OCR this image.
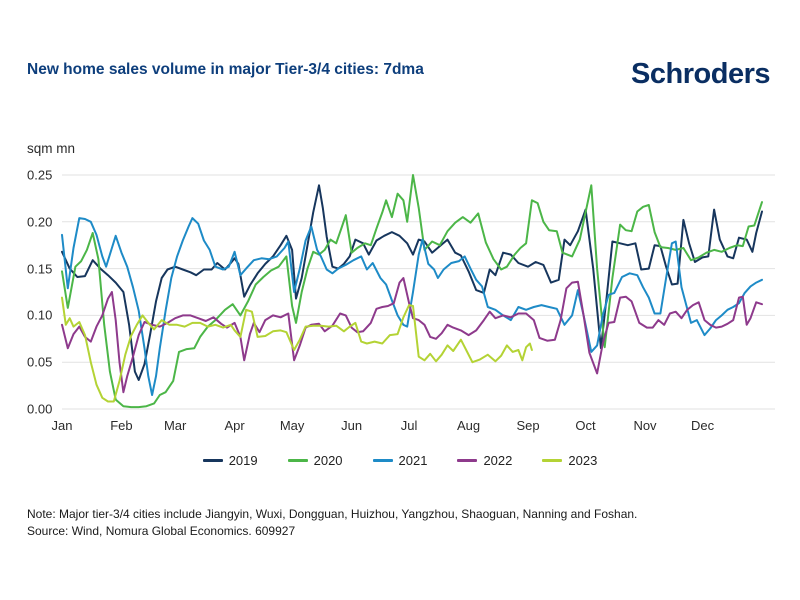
New home sales volume in major Tier-3/4 cities: 7dma	Schroders
sqm mn
0.25
0.20
0.15
0.10
0.05
0.00
Jan	Feb Mar	Apr	May	Jun	Jul	Aug	Sep	Oct	Nov	Dec
2019	2020	2021	2022	2023
Note: Major tier-3/4 cities include Jiangyin, Wuxi, Dongguan, Huizhou, Yangzhou, Shaoguan, Nanning and Foshan.
Source: Wind, Nomura Global Economics. 609927
